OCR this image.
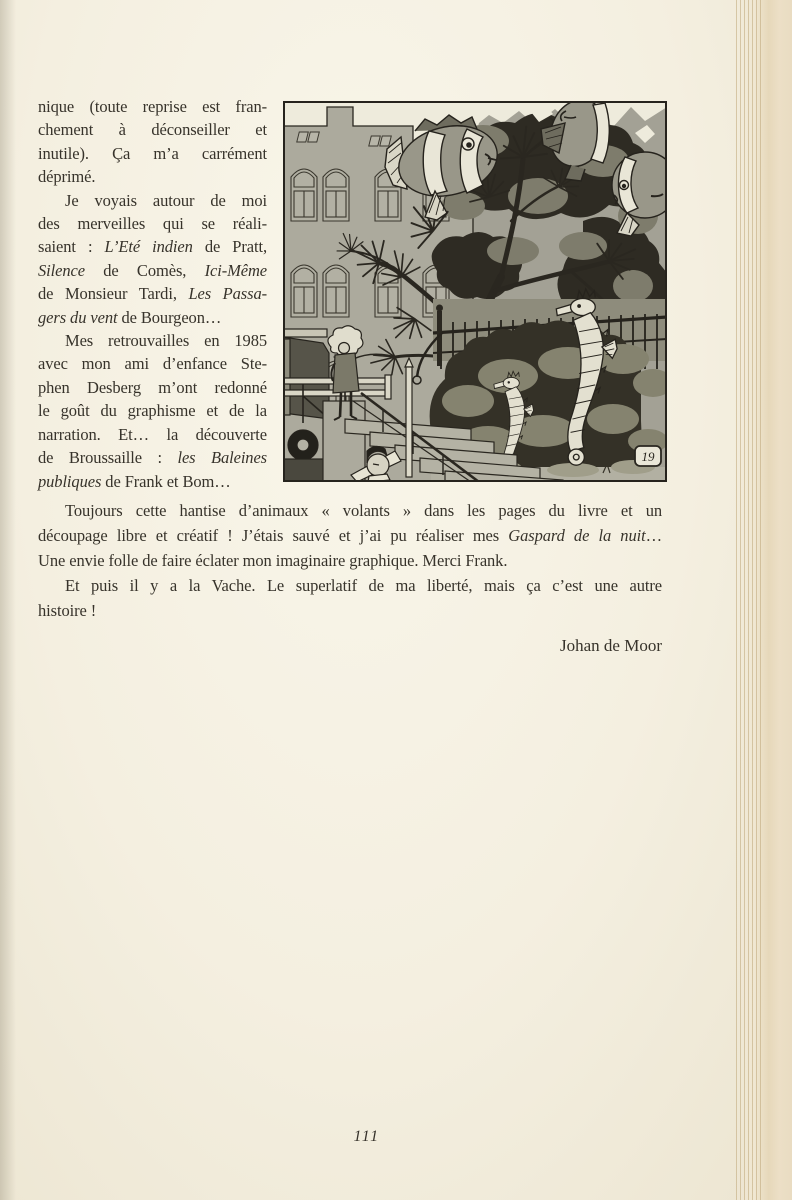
nique (toute reprise est fran-
chement à déconseiller et
inutile). Ça m’a carrément
déprimé.
Je voyais autour de moi
des merveilles qui se réali-
saient : L’Eté indien de Pratt,
Silence de Comès, Ici-Même
de Monsieur Tardi, Les Passa-
gers du vent de Bourgeon…
Mes retrouvailles en 1985
avec mon ami d’enfance Ste-
phen Desberg m’ont redonné
le goût du graphisme et de la
narration. Et… la découverte
de Broussaille : les Baleines
publiques de Frank et Bom…
19
Toujours cette hantise d’animaux « volants » dans les pages du livre et un
découpage libre et créatif ! J’étais sauvé et j’ai pu réaliser mes Gaspard de la nuit…
Une envie folle de faire éclater mon imaginaire graphique. Merci Frank.
Et puis il y a la Vache. Le superlatif de ma liberté, mais ça c’est une autre
histoire !
Johan de Moor
111
